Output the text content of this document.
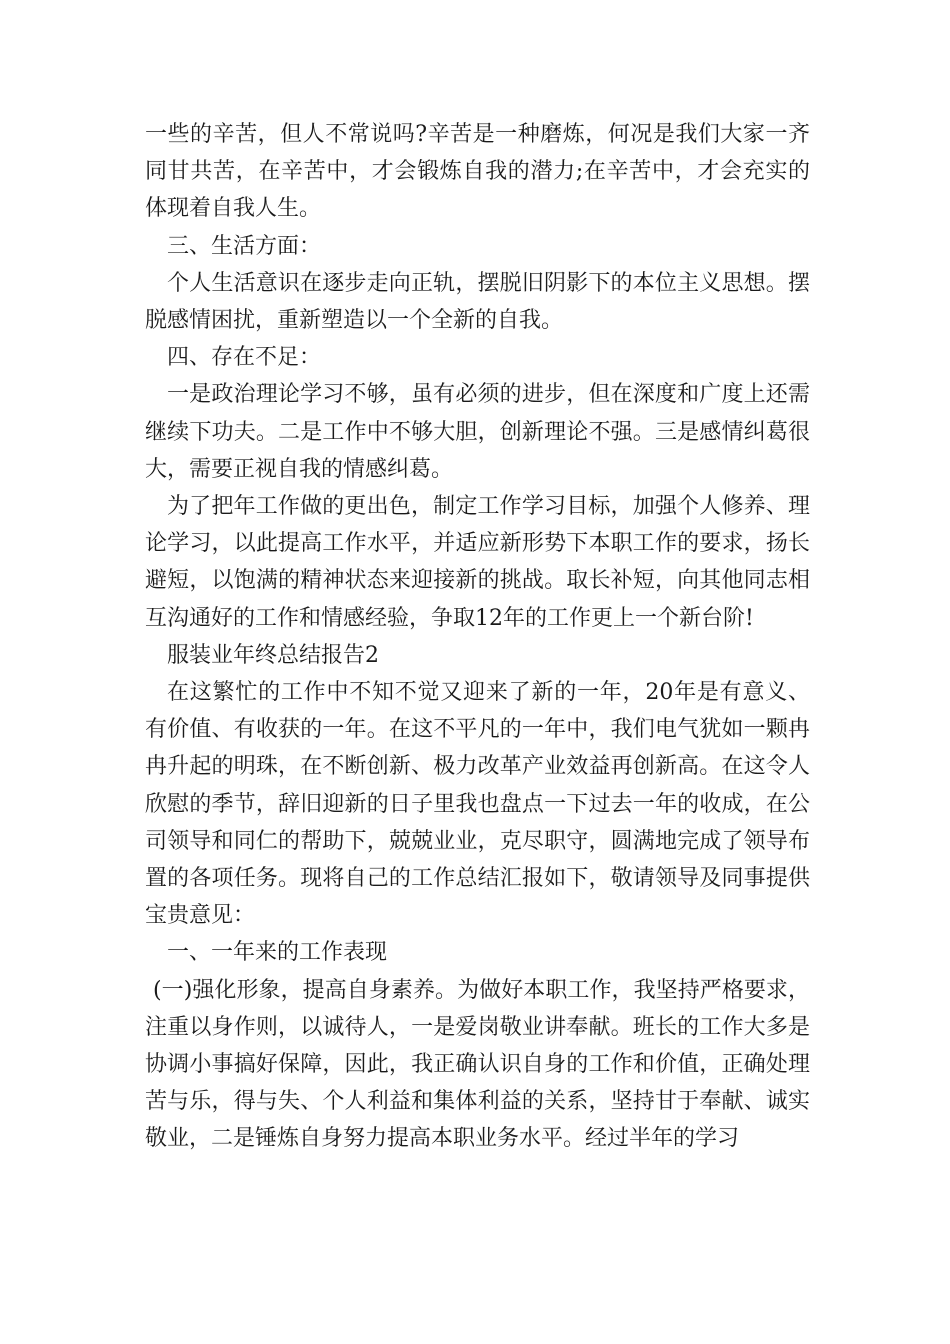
一些的辛苦，但人不常说吗?辛苦是一种磨炼，何况是我们大家一齐同甘共苦，在辛苦中，才会锻炼自我的潜力;在辛苦中，才会充实的体现着自我人生。

三、生活方面：

个人生活意识在逐步走向正轨，摆脱旧阴影下的本位主义思想。摆脱感情困扰，重新塑造以一个全新的自我。

四、存在不足：

一是政治理论学习不够，虽有必须的进步，但在深度和广度上还需继续下功夫。二是工作中不够大胆，创新理论不强。三是感情纠葛很大，需要正视自我的情感纠葛。

为了把年工作做的更出色，制定工作学习目标，加强个人修养、理论学习，以此提高工作水平，并适应新形势下本职工作的要求，扬长避短，以饱满的精神状态来迎接新的挑战。取长补短，向其他同志相互沟通好的工作和情感经验，争取12年的工作更上一个新台阶!

服装业年终总结报告2

在这繁忙的工作中不知不觉又迎来了新的一年，20年是有意义、有价值、有收获的一年。在这不平凡的一年中，我们电气犹如一颗冉冉升起的明珠，在不断创新、极力改革产业效益再创新高。在这令人欣慰的季节，辞旧迎新的日子里我也盘点一下过去一年的收成，在公司领导和同仁的帮助下，兢兢业业，克尽职守，圆满地完成了领导布置的各项任务。现将自己的工作总结汇报如下，敬请领导及同事提供宝贵意见：

一、一年来的工作表现

(一)强化形象，提高自身素养。为做好本职工作，我坚持严格要求，注重以身作则，以诚待人，一是爱岗敬业讲奉献。班长的工作大多是协调小事搞好保障，因此，我正确认识自身的工作和价值，正确处理苦与乐，得与失、个人利益和集体利益的关系，坚持甘于奉献、诚实敬业，二是锤炼自身努力提高本职业务水平。经过半年的学习
